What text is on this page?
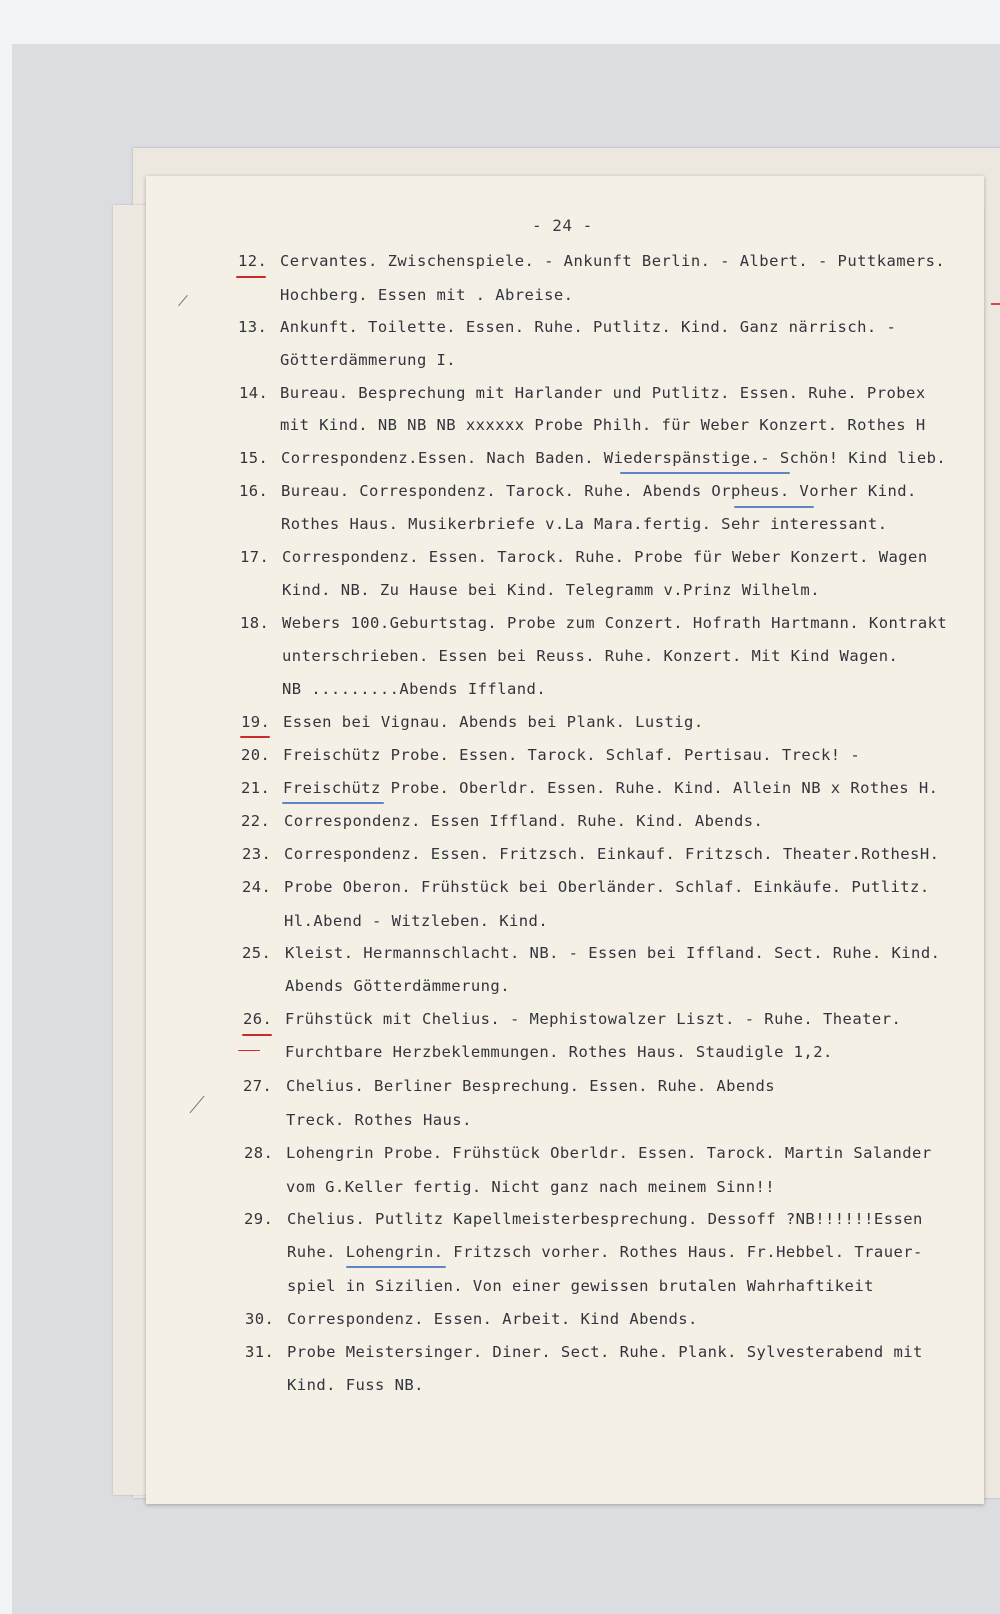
- 24 -
12. Cervantes. Zwischenspiele. - Ankunft Berlin. - Albert. - Puttkamers.
Hochberg. Essen mit . Abreise.
13. Ankunft. Toilette. Essen. Ruhe. Putlitz. Kind. Ganz närrisch. -
Götterdämmerung I.
14. Bureau. Besprechung mit Harlander und Putlitz. Essen. Ruhe. Probex
mit Kind. NB NB NB xxxxxx Probe Philh. für Weber Konzert. Rothes H
15. Correspondenz.Essen. Nach Baden. Wiederspänstige.- Schön! Kind lieb.
16. Bureau. Correspondenz. Tarock. Ruhe. Abends Orpheus. Vorher Kind.
Rothes Haus. Musikerbriefe v.La Mara.fertig. Sehr interessant.
17. Correspondenz. Essen. Tarock. Ruhe. Probe für Weber Konzert. Wagen
Kind. NB. Zu Hause bei Kind. Telegramm v.Prinz Wilhelm.
18. Webers 100.Geburtstag. Probe zum Conzert. Hofrath Hartmann. Kontrakt
unterschrieben. Essen bei Reuss. Ruhe. Konzert. Mit Kind Wagen.
NB .........Abends Iffland.
19. Essen bei Vignau. Abends bei Plank. Lustig.
20. Freischütz Probe. Essen. Tarock. Schlaf. Pertisau. Treck! -
21. Freischütz Probe. Oberldr. Essen. Ruhe. Kind. Allein NB x Rothes H.
22. Correspondenz. Essen Iffland. Ruhe. Kind. Abends.
23. Correspondenz. Essen. Fritzsch. Einkauf. Fritzsch. Theater.RothesH.
24. Probe Oberon. Frühstück bei Oberländer. Schlaf. Einkäufe. Putlitz.
Hl.Abend - Witzleben. Kind.
25. Kleist. Hermannschlacht. NB. - Essen bei Iffland. Sect. Ruhe. Kind.
Abends Götterdämmerung.
26. Frühstück mit Chelius. - Mephistowalzer Liszt. - Ruhe. Theater.
Furchtbare Herzbeklemmungen. Rothes Haus. Staudigle 1,2.
27. Chelius. Berliner Besprechung. Essen. Ruhe. Abends
Treck. Rothes Haus.
28. Lohengrin Probe. Frühstück Oberldr. Essen. Tarock. Martin Salander
vom G.Keller fertig. Nicht ganz nach meinem Sinn!!
29. Chelius. Putlitz Kapellmeisterbesprechung. Dessoff ?NB!!!!!!Essen
Ruhe. Lohengrin. Fritzsch vorher. Rothes Haus. Fr.Hebbel. Trauer-
spiel in Sizilien. Von einer gewissen brutalen Wahrhaftikeit
30. Correspondenz. Essen. Arbeit. Kind Abends.
31. Probe Meistersinger. Diner. Sect. Ruhe. Plank. Sylvesterabend mit
Kind. Fuss NB.
